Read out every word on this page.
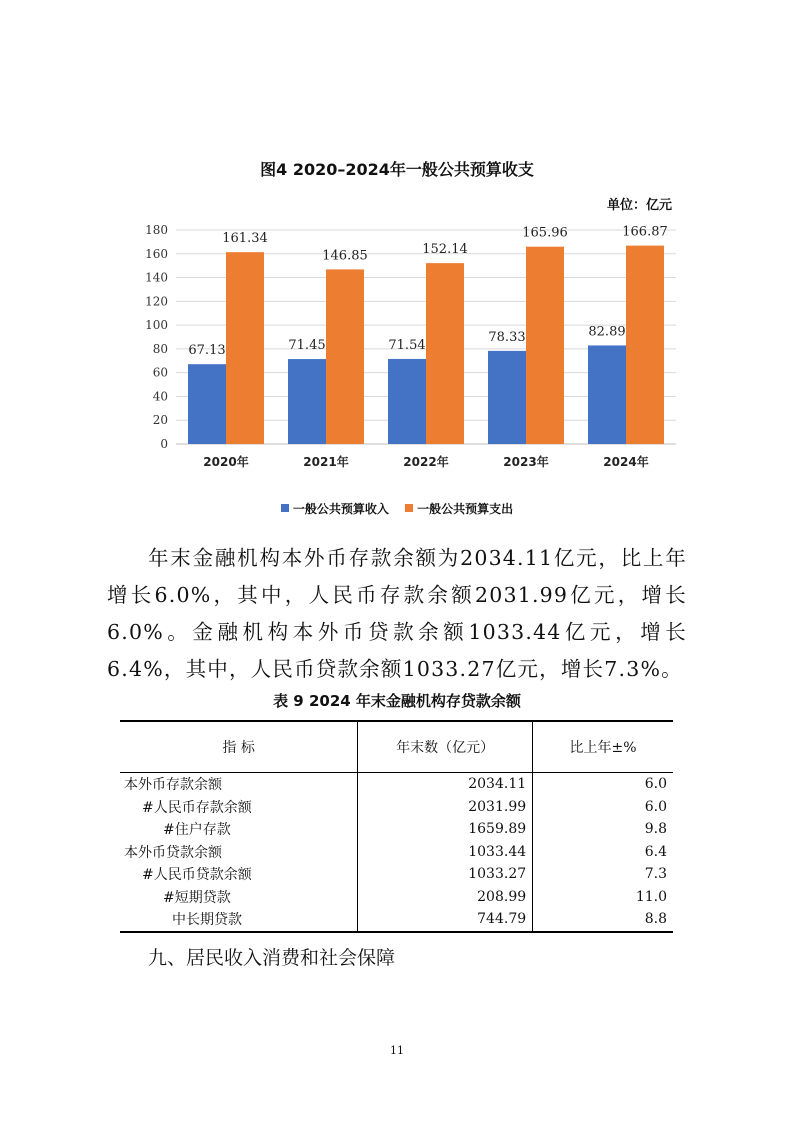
图4 2020–2024年一般公共预算收支
单位：亿元
0
20
40
60
80
100
120
140
160
180
67.13
161.34
2020年
71.45
146.85
2021年
71.54
152.14
2022年
78.33
165.96
2023年
82.89
166.87
2024年
一般公共预算收入 一般公共预算支出
年末金融机构本外币存款余额为2034.11亿元，比上年增长6.0%，其中，人民币存款余额2031.99亿元，增长6.0%。金融机构本外币贷款余额1033.44亿元，增长6.4%，其中，人民币贷款余额1033.27亿元，增长7.3%。
表 9 2024 年末金融机构存贷款余额
指 标	年末数（亿元）	比上年±%
本外币存款余额	2034.11	6.0
#人民币存款余额	2031.99	6.0
#住户存款	1659.89	9.8
本外币贷款余额	1033.44	6.4
#人民币贷款余额	1033.27	7.3
#短期贷款	208.99	11.0
中长期贷款	744.79	8.8
九、居民收入消费和社会保障
11
